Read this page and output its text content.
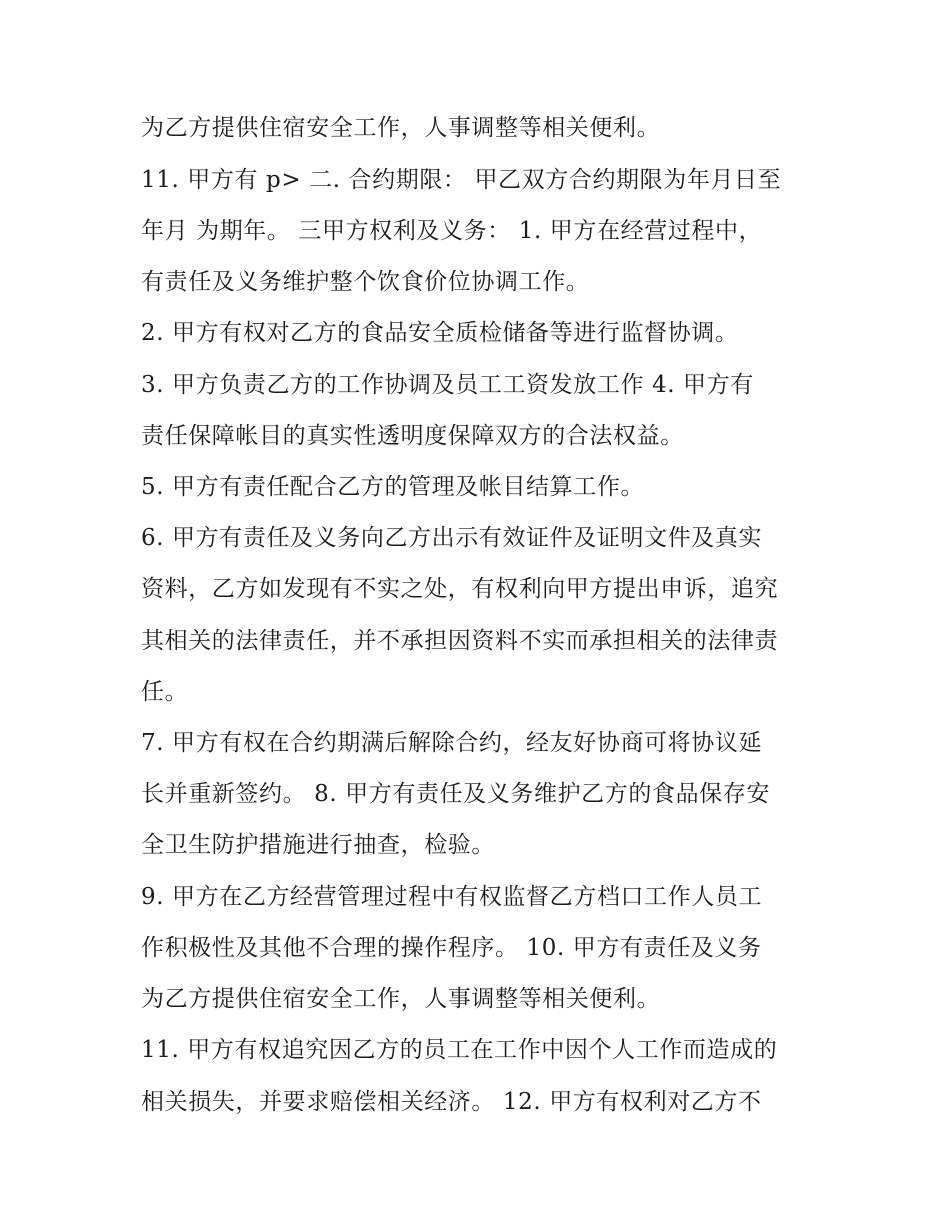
为乙方提供住宿安全工作，人事调整等相关便利。
11. 甲方有 p> 二. 合约期限： 甲乙双方合约期限为年月日至
年月 为期年。 三甲方权利及义务： 1. 甲方在经营过程中，
有责任及义务维护整个饮食价位协调工作。
2. 甲方有权对乙方的食品安全质检储备等进行监督协调。
3. 甲方负责乙方的工作协调及员工工资发放工作 4. 甲方有
责任保障帐目的真实性透明度保障双方的合法权益。
5. 甲方有责任配合乙方的管理及帐目结算工作。
6. 甲方有责任及义务向乙方出示有效证件及证明文件及真实
资料，乙方如发现有不实之处，有权利向甲方提出申诉，追究
其相关的法律责任，并不承担因资料不实而承担相关的法律责
任。
7. 甲方有权在合约期满后解除合约，经友好协商可将协议延
长并重新签约。 8. 甲方有责任及义务维护乙方的食品保存安
全卫生防护措施进行抽查，检验。
9. 甲方在乙方经营管理过程中有权监督乙方档口工作人员工
作积极性及其他不合理的操作程序。 10. 甲方有责任及义务
为乙方提供住宿安全工作，人事调整等相关便利。
11. 甲方有权追究因乙方的员工在工作中因个人工作而造成的
相关损失，并要求赔偿相关经济。 12. 甲方有权利对乙方不
